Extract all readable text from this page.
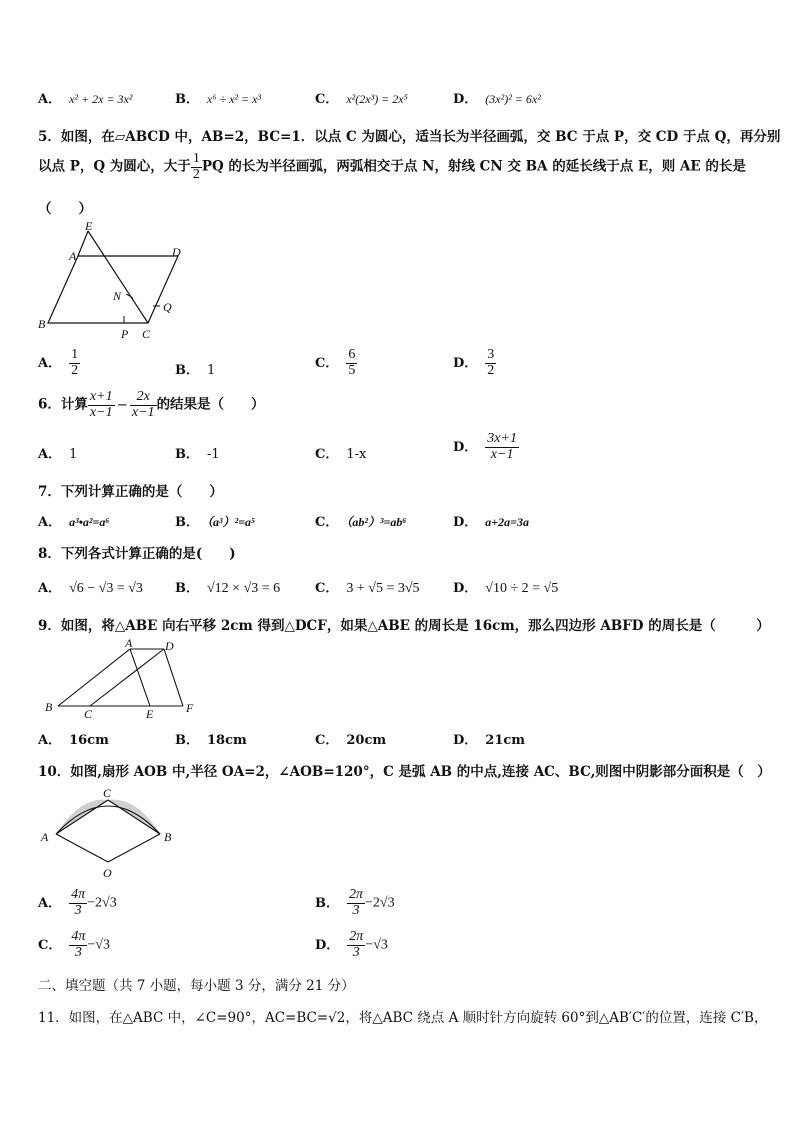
A． x² + 2x = 3x²	B． x⁶ ÷ x² = x³	C． x²(2x³) = 2x⁵	D． (3x²)² = 6x²
5．如图，在▱ABCD 中，AB=2，BC=1．以点 C 为圆心，适当长为半径画弧，交 BC 于点 P，交 CD 于点 Q，再分别
以点 P，Q 为圆心，大于 $\frac{1}{2}$ PQ 的长为半径画弧，两弧相交于点 N，射线 CN 交 BA 的延长线于点 E，则 AE 的长是
（　　）
E
A	D
N
Q
B
P C
A． $\frac{1}{2}$	B． 1	C． $\frac{6}{5}$	D． $\frac{3}{2}$
6．计算 $\frac{x+1}{x-1} - \frac{2x}{x-1}$ 的结果是（　　）
A． 1	B． -1	C． 1-x	D． $\frac{3x+1}{x-1}$
7．下列计算正确的是（　　）
A． a³•a²=a⁶	B． （a³）²=a⁵	C． （ab²）³=ab⁶	D． a+2a=3a
8．下列各式计算正确的是(　　)
A． √6 − √3 = √3 B． √12 × √3 = 6	C． 3 + √5 = 3√5	D． √10 ÷ 2 = √5
9．如图，将△ABE 向右平移 2cm 得到△DCF，如果△ABE 的周长是 16cm，那么四边形 ABFD 的周长是（　　　）
A	D
B	C	E	F
A． 16cm	B． 18cm	C． 20cm	D． 21cm
10．如图,扇形 AOB 中,半径 OA=2，∠AOB=120°，C 是弧 AB 的中点,连接 AC、BC,则图中阴影部分面积是（　）
C
A	B
O
A． $\frac{4\pi}{3} -2√3$	B． $\frac{2\pi}{3} -2√3$
C． $\frac{4\pi}{3} -√3$	D． $\frac{2\pi}{3} -√3$
二、填空题（共 7 小题，每小题 3 分，满分 21 分）
11．如图，在△ABC 中，∠C=90°，AC=BC=√2，将△ABC 绕点 A 顺时针方向旋转 60°到△AB′C′的位置，连接 C′B，
